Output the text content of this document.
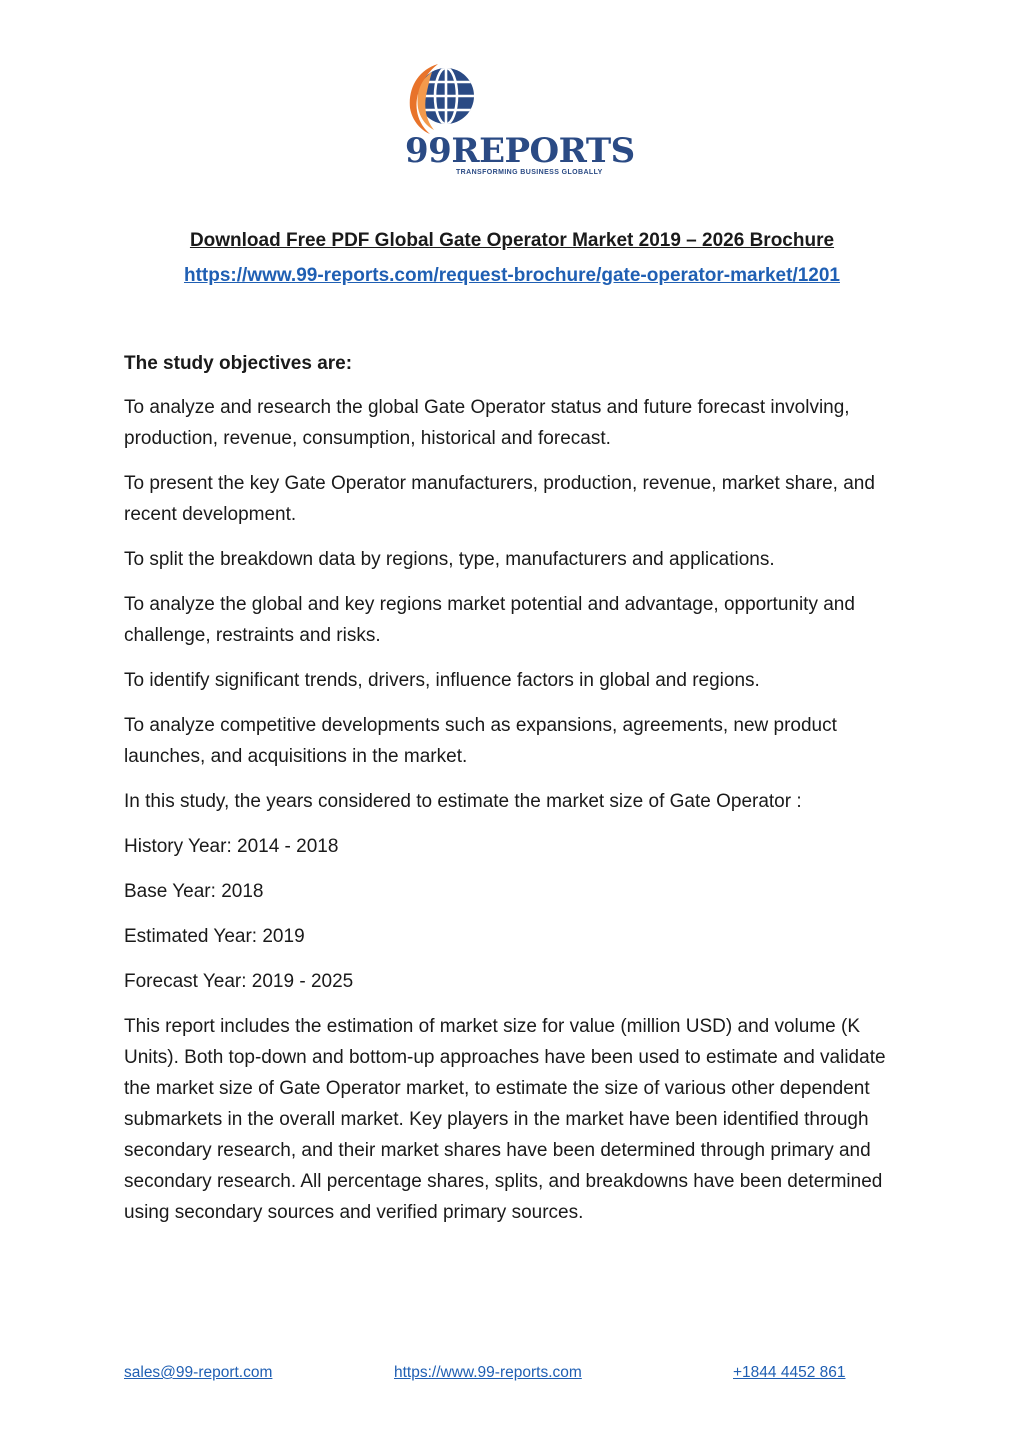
99REPORTS
TRANSFORMING BUSINESS GLOBALLY
Download Free PDF Global Gate Operator Market 2019 – 2026 Brochure
https://www.99-reports.com/request-brochure/gate-operator-market/1201
The study objectives are:

To analyze and research the global Gate Operator status and future forecast involving, production, revenue, consumption, historical and forecast.

To present the key Gate Operator manufacturers, production, revenue, market share, and recent development.

To split the breakdown data by regions, type, manufacturers and applications.

To analyze the global and key regions market potential and advantage, opportunity and challenge, restraints and risks.

To identify significant trends, drivers, influence factors in global and regions.

To analyze competitive developments such as expansions, agreements, new product launches, and acquisitions in the market.

In this study, the years considered to estimate the market size of Gate Operator :

History Year: 2014 - 2018

Base Year: 2018

Estimated Year: 2019

Forecast Year: 2019 - 2025

This report includes the estimation of market size for value (million USD) and volume (K Units). Both top-down and bottom-up approaches have been used to estimate and validate the market size of Gate Operator market, to estimate the size of various other dependent submarkets in the overall market. Key players in the market have been identified through secondary research, and their market shares have been determined through primary and secondary research. All percentage shares, splits, and breakdowns have been determined using secondary sources and verified primary sources.

sales@99-report.com	https://www.99-reports.com	+1844 4452 861
